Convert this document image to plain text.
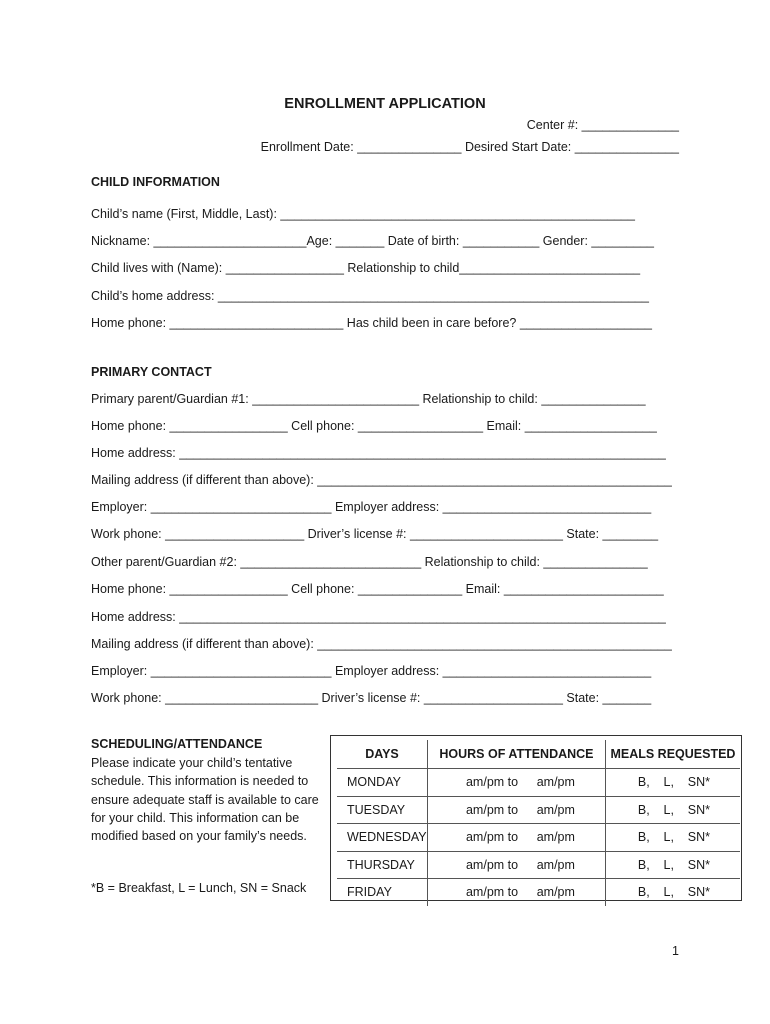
ENROLLMENT APPLICATION
Center #: ______________
Enrollment Date: _______________ Desired Start Date: _______________
CHILD INFORMATION
Child’s name (First, Middle, Last): ___________________________________________________
Nickname: ______________________Age: _______ Date of birth: ___________ Gender: _________
Child lives with (Name): _________________ Relationship to child__________________________
Child’s home address: ______________________________________________________________
Home phone: _________________________ Has child been in care before? ___________________
PRIMARY CONTACT
Primary parent/Guardian #1: ________________________ Relationship to child: _______________
Home phone: _________________ Cell phone: __________________ Email: ___________________
Home address: ______________________________________________________________________
Mailing address (if different than above): ___________________________________________________
Employer: __________________________ Employer address: ______________________________
Work phone: ____________________ Driver’s license #: ______________________ State: ________
Other parent/Guardian #2: __________________________ Relationship to child: _______________
Home phone: _________________ Cell phone: _______________ Email: _______________________
Home address: ______________________________________________________________________
Mailing address (if different than above): ___________________________________________________
Employer: __________________________ Employer address: ______________________________
Work phone: ______________________ Driver’s license #: ____________________ State: _______
SCHEDULING/ATTENDANCE
Please indicate your child’s tentative schedule. This information is needed to ensure adequate staff is available to care for your child. This information can be modified based on your family’s needs.
*B = Breakfast, L = Lunch, SN = Snack
DAYS	HOURS OF ATTENDANCE	MEALS REQUESTED
MONDAY	am/pm to am/pm	B, L, SN*

TUESDAY	am/pm to am/pm	B, L, SN*

WEDNESDAY	am/pm to am/pm	B, L, SN*

THURSDAY	am/pm to am/pm	B, L, SN*

FRIDAY	am/pm to am/pm	B, L, SN*
1
